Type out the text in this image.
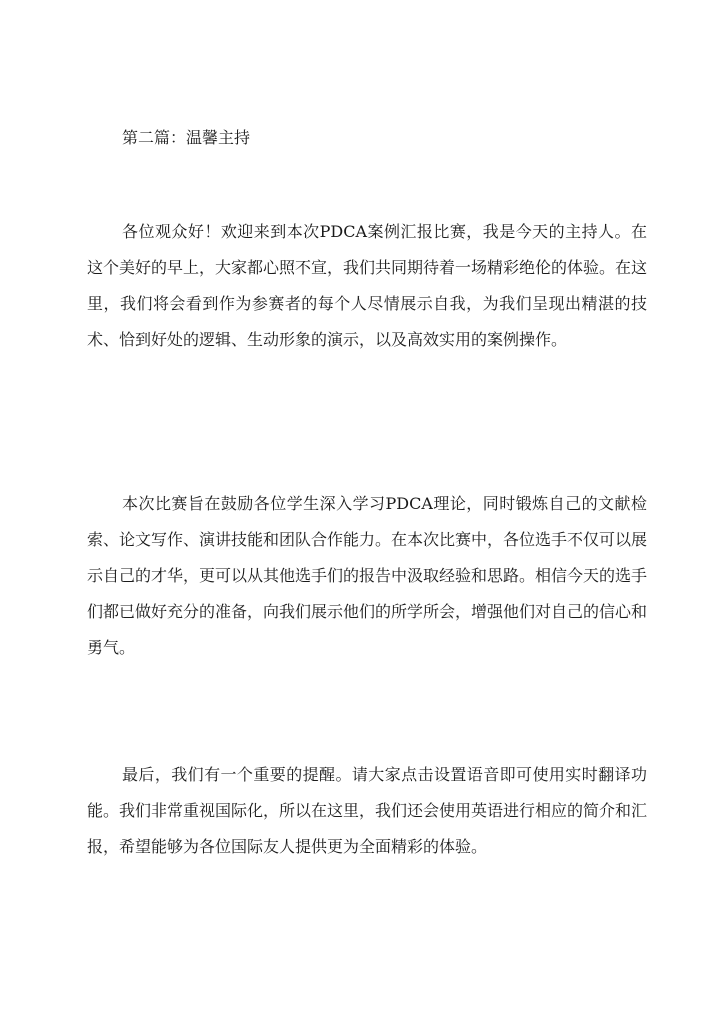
第二篇：温馨主持

各位观众好！欢迎来到本次PDCA案例汇报比赛，我是今天的主持人。在这个美好的早上，大家都心照不宣，我们共同期待着一场精彩绝伦的体验。在这里，我们将会看到作为参赛者的每个人尽情展示自我，为我们呈现出精湛的技术、恰到好处的逻辑、生动形象的演示，以及高效实用的案例操作。

本次比赛旨在鼓励各位学生深入学习PDCA理论，同时锻炼自己的文献检索、论文写作、演讲技能和团队合作能力。在本次比赛中，各位选手不仅可以展示自己的才华，更可以从其他选手们的报告中汲取经验和思路。相信今天的选手们都已做好充分的准备，向我们展示他们的所学所会，增强他们对自己的信心和勇气。

最后，我们有一个重要的提醒。请大家点击设置语音即可使用实时翻译功能。我们非常重视国际化，所以在这里，我们还会使用英语进行相应的简介和汇报，希望能够为各位国际友人提供更为全面精彩的体验。
